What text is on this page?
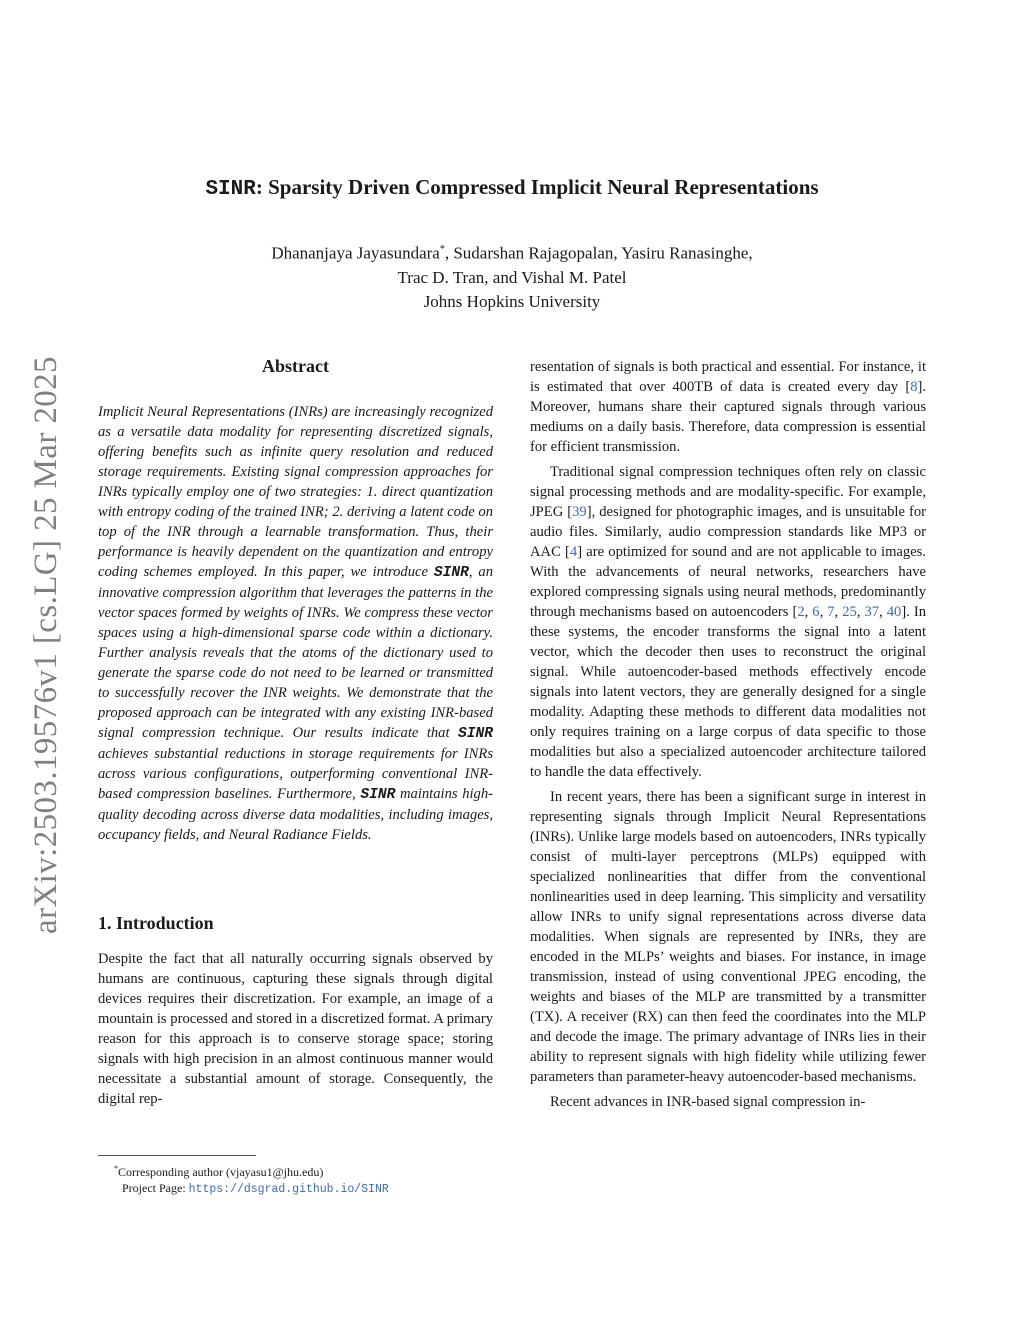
arXiv:2503.19576v1 [cs.LG] 25 Mar 2025
SINR: Sparsity Driven Compressed Implicit Neural Representations
Dhananjaya Jayasundara*, Sudarshan Rajagopalan, Yasiru Ranasinghe,
Trac D. Tran, and Vishal M. Patel
Johns Hopkins University
Abstract

Implicit Neural Representations (INRs) are increasingly recognized as a versatile data modality for representing discretized signals, offering benefits such as infinite query resolution and reduced storage requirements. Existing signal compression approaches for INRs typically employ one of two strategies: 1. direct quantization with entropy coding of the trained INR; 2. deriving a latent code on top of the INR through a learnable transformation. Thus, their performance is heavily dependent on the quantization and entropy coding schemes employed. In this paper, we introduce SINR, an innovative compression algorithm that leverages the patterns in the vector spaces formed by weights of INRs. We compress these vector spaces using a high-dimensional sparse code within a dictionary. Further analysis reveals that the atoms of the dictionary used to generate the sparse code do not need to be learned or transmitted to successfully recover the INR weights. We demonstrate that the proposed approach can be integrated with any existing INR-based signal compression technique. Our results indicate that SINR achieves substantial reductions in storage requirements for INRs across various configurations, outperforming conventional INR-based compression baselines. Furthermore, SINR maintains high-quality decoding across diverse data modalities, including images, occupancy fields, and Neural Radiance Fields.

1. Introduction

Despite the fact that all naturally occurring signals observed by humans are continuous, capturing these signals through digital devices requires their discretization. For example, an image of a mountain is processed and stored in a discretized format. A primary reason for this approach is to conserve storage space; storing signals with high precision in an almost continuous manner would necessitate a substantial amount of storage. Consequently, the digital rep-

resentation of signals is both practical and essential. For instance, it is estimated that over 400TB of data is created every day [8]. Moreover, humans share their captured signals through various mediums on a daily basis. Therefore, data compression is essential for efficient transmission.

Traditional signal compression techniques often rely on classic signal processing methods and are modality-specific. For example, JPEG [39], designed for photographic images, and is unsuitable for audio files. Similarly, audio compression standards like MP3 or AAC [4] are optimized for sound and are not applicable to images. With the advancements of neural networks, researchers have explored compressing signals using neural methods, predominantly through mechanisms based on autoencoders [2, 6, 7, 25, 37, 40]. In these systems, the encoder transforms the signal into a latent vector, which the decoder then uses to reconstruct the original signal. While autoencoder-based methods effectively encode signals into latent vectors, they are generally designed for a single modality. Adapting these methods to different data modalities not only requires training on a large corpus of data specific to those modalities but also a specialized autoencoder architecture tailored to handle the data effectively.

In recent years, there has been a significant surge in interest in representing signals through Implicit Neural Representations (INRs). Unlike large models based on autoencoders, INRs typically consist of multi-layer perceptrons (MLPs) equipped with specialized nonlinearities that differ from the conventional nonlinearities used in deep learning. This simplicity and versatility allow INRs to unify signal representations across diverse data modalities. When signals are represented by INRs, they are encoded in the MLPs’ weights and biases. For instance, in image transmission, instead of using conventional JPEG encoding, the weights and biases of the MLP are transmitted by a transmitter (TX). A receiver (RX) can then feed the coordinates into the MLP and decode the image. The primary advantage of INRs lies in their ability to represent signals with high fidelity while utilizing fewer parameters than parameter-heavy autoencoder-based mechanisms.

Recent advances in INR-based signal compression in-

*Corresponding author (vjayasu1@jhu.edu)
Project Page: https://dsgrad.github.io/SINR
